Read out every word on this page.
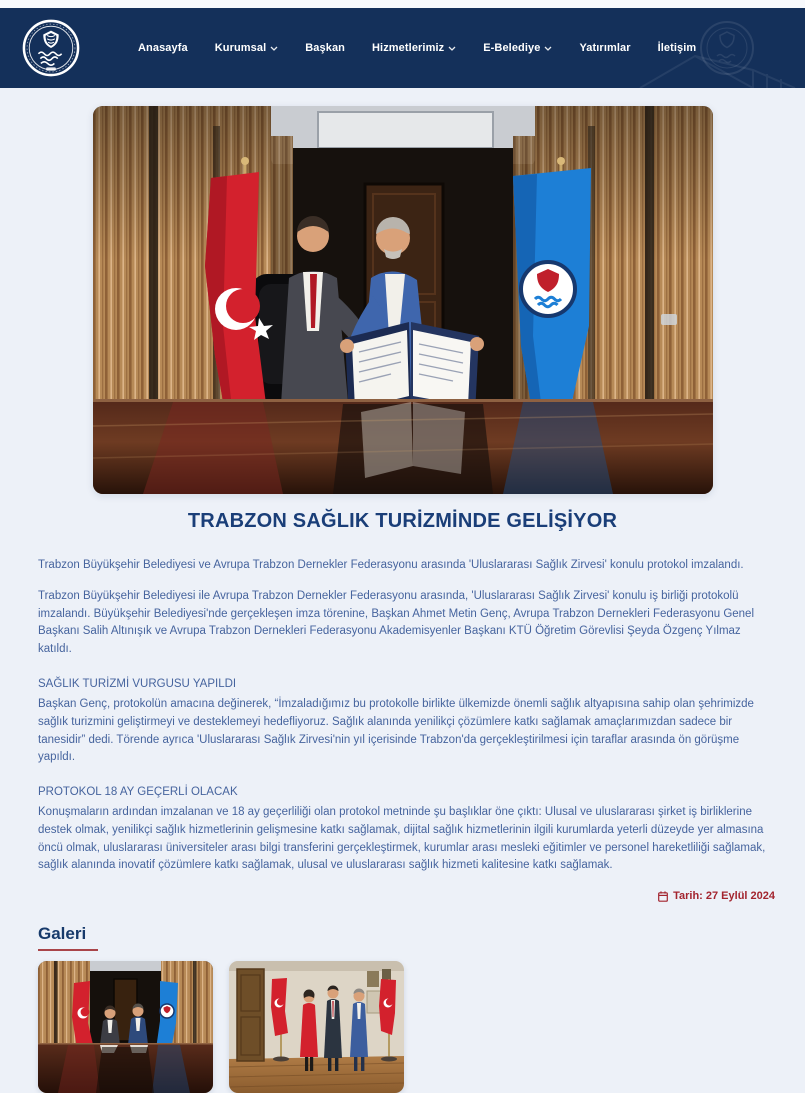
Anasayfa Kurumsal	Başkan Hizmetlerimiz	E-Belediye	Yatırımlar İletişim
TRABZON SAĞLIK TURİZMİNDE GELİŞİYOR

Trabzon Büyükşehir Belediyesi ve Avrupa Trabzon Dernekler Federasyonu arasında 'Uluslararası Sağlık Zirvesi' konulu protokol imzalandı.

Trabzon Büyükşehir Belediyesi ile Avrupa Trabzon Dernekler Federasyonu arasında, 'Uluslararası Sağlık Zirvesi' konulu iş birliği protokolü imzalandı. Büyükşehir Belediyesi'nde gerçekleşen imza törenine, Başkan Ahmet Metin Genç, Avrupa Trabzon Dernekleri Federasyonu Genel Başkanı Salih Altınışık ve Avrupa Trabzon Dernekleri Federasyonu Akademisyenler Başkanı KTÜ Öğretim Görevlisi Şeyda Özgenç Yılmaz katıldı.

SAĞLIK TURİZMİ VURGUSU YAPILDI

Başkan Genç, protokolün amacına değinerek, “İmzaladığımız bu protokolle birlikte ülkemizde önemli sağlık altyapısına sahip olan şehrimizde sağlık turizmini geliştirmeyi ve desteklemeyi hedefliyoruz. Sağlık alanında yenilikçi çözümlere katkı sağlamak amaçlarımızdan sadece bir tanesidir” dedi. Törende ayrıca 'Uluslararası Sağlık Zirvesi'nin yıl içerisinde Trabzon'da gerçekleştirilmesi için taraflar arasında ön görüşme yapıldı.

PROTOKOL 18 AY GEÇERLİ OLACAK

Konuşmaların ardından imzalanan ve 18 ay geçerliliği olan protokol metninde şu başlıklar öne çıktı: Ulusal ve uluslararası şirket iş birliklerine destek olmak, yenilikçi sağlık hizmetlerinin gelişmesine katkı sağlamak, dijital sağlık hizmetlerinin ilgili kurumlarda yeterli düzeyde yer almasına öncü olmak, uluslararası üniversiteler arası bilgi transferini gerçekleştirmek, kurumlar arası mesleki eğitimler ve personel hareketliliği sağlamak, sağlık alanında inovatif çözümlere katkı sağlamak, ulusal ve uluslararası sağlık hizmeti kalitesine katkı sağlamak.

Tarih: 27 Eylül 2024
Galeri
